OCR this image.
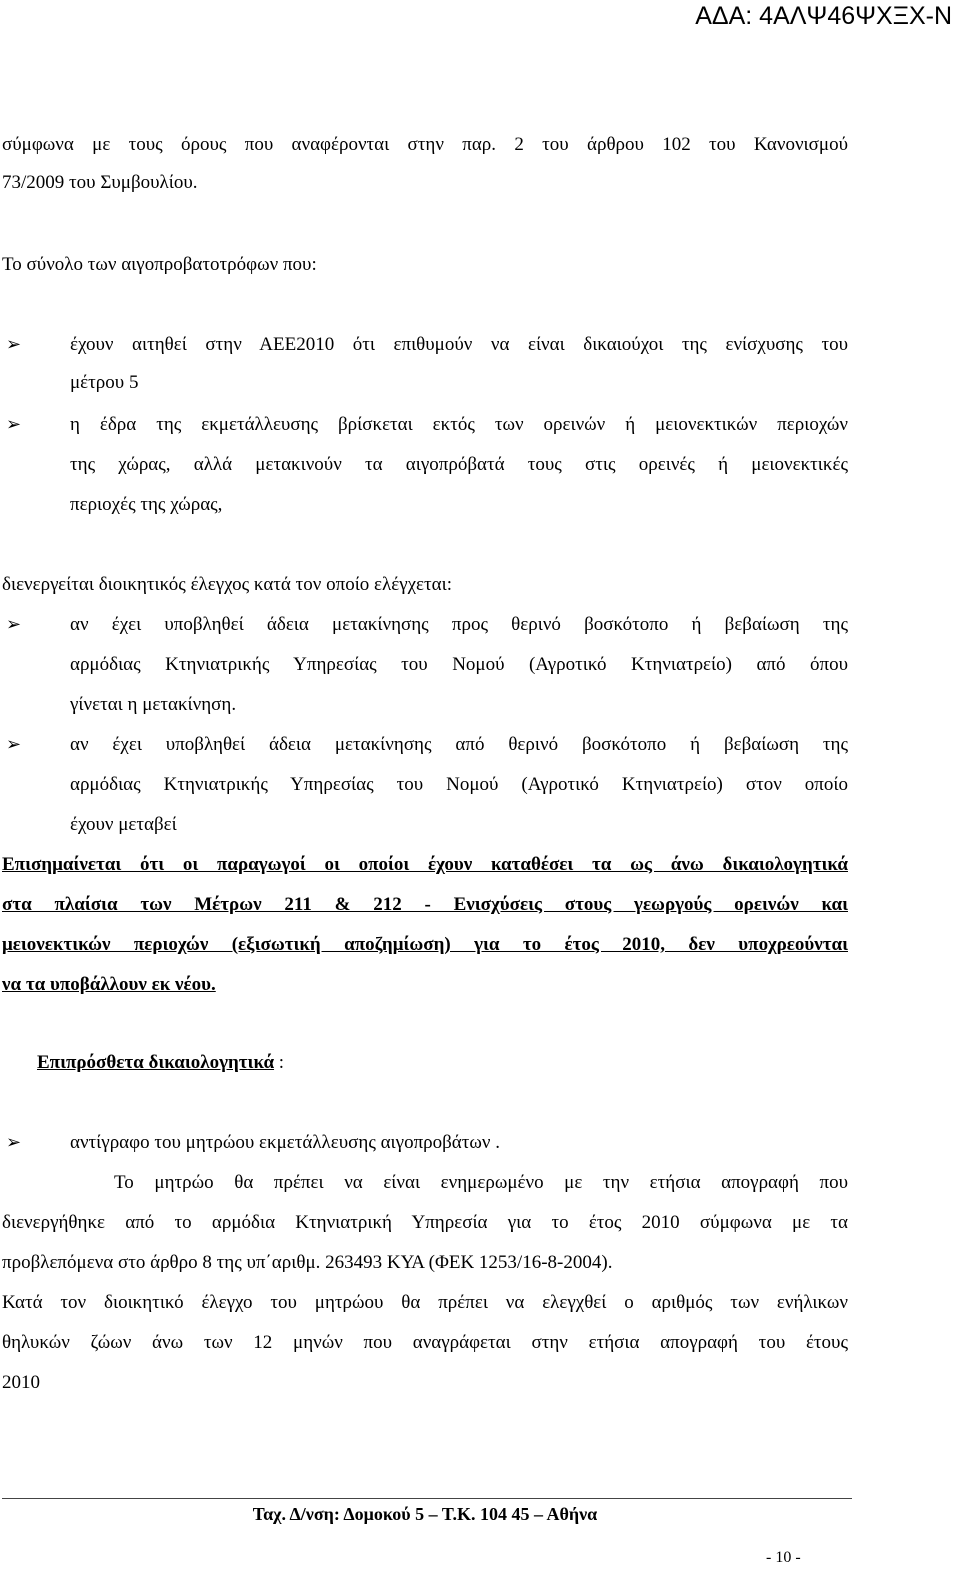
ΑΔΑ: 4ΑΛΨ46ΨΧΞΧ-Ν
σύμφωνα με τους όρους που αναφέρονται στην παρ. 2 του άρθρου 102 του Κανονισμού
73/2009 του Συμβουλίου.
Το σύνολο των αιγοπροβατοτρόφων που:
➢	έχουν αιτηθεί στην ΑΕΕ2010 ότι επιθυμούν να είναι δικαιούχοι της ενίσχυσης του
μέτρου 5
➢	η έδρα της εκμετάλλευσης βρίσκεται εκτός των ορεινών ή μειονεκτικών περιοχών
της χώρας, αλλά μετακινούν τα αιγοπρόβατά τους στις ορεινές ή μειονεκτικές
περιοχές της χώρας,
διενεργείται διοικητικός έλεγχος κατά τον οποίο ελέγχεται:
➢	αν έχει υποβληθεί άδεια μετακίνησης προς θερινό βοσκότοπο ή βεβαίωση της
αρμόδιας Κτηνιατρικής Υπηρεσίας του Νομού (Αγροτικό Κτηνιατρείο) από όπου
γίνεται η μετακίνηση.
➢	αν έχει υποβληθεί άδεια μετακίνησης από θερινό βοσκότοπο ή βεβαίωση της
αρμόδιας Κτηνιατρικής Υπηρεσίας του Νομού (Αγροτικό Κτηνιατρείο) στον οποίο
έχουν μεταβεί
Επισημαίνεται ότι οι παραγωγοί οι οποίοι έχουν καταθέσει τα ως άνω δικαιολογητικά
στα πλαίσια των Μέτρων 211 & 212 - Ενισχύσεις στους γεωργούς ορεινών και
μειονεκτικών περιοχών (εξισωτική αποζημίωση) για το έτος 2010, δεν υποχρεούνται
να τα υποβάλλουν εκ νέου.
Επιπρόσθετα δικαιολογητικά :
➢	αντίγραφο του μητρώου εκμετάλλευσης αιγοπροβάτων .
Το μητρώο θα πρέπει να είναι ενημερωμένο με την ετήσια απογραφή που
διενεργήθηκε από το αρμόδια Κτηνιατρική Υπηρεσία για το έτος 2010 σύμφωνα με τα
προβλεπόμενα στο άρθρο 8 της υπ΄αριθμ. 263493 ΚΥΑ (ΦΕΚ 1253/16-8-2004).
Κατά τον διοικητικό έλεγχο του μητρώου θα πρέπει να ελεγχθεί ο αριθμός των ενήλικων
θηλυκών ζώων άνω των 12 μηνών που αναγράφεται στην ετήσια απογραφή του έτους
2010
Ταχ. Δ/νση: Δομοκού 5 – Τ.Κ. 104 45 – Αθήνα
- 10 -
